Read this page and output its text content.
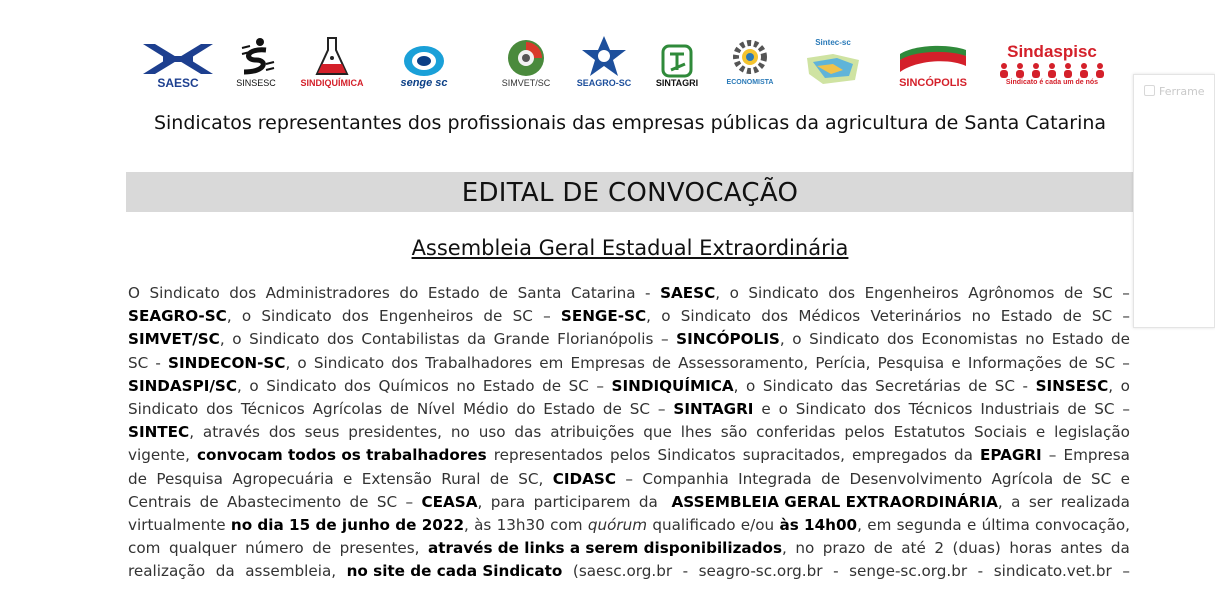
SAESC	SINSESC	SINDIQUÍMICA	senge sc	SIMVET/SC	SEAGRO-SC	SINTAGRI	ECONOMISTA
Sintec-sc
SINCÓPOLIS
Sindaspisc
Sindicato é cada um de nós
Sindicatos representantes dos profissionais das empresas públicas da agricultura de Santa Catarina
EDITAL DE CONVOCAÇÃO
Assembleia Geral Estadual Extraordinária
O Sindicato dos Administradores do Estado de Santa Catarina - SAESC, o Sindicato dos Engenheiros Agrônomos de SC –
SEAGRO-SC, o Sindicato dos Engenheiros de SC – SENGE-SC, o Sindicato dos Médicos Veterinários no Estado de SC –
SIMVET/SC, o Sindicato dos Contabilistas da Grande Florianópolis – SINCÓPOLIS, o Sindicato dos Economistas no Estado de
SC - SINDECON-SC, o Sindicato dos Trabalhadores em Empresas de Assessoramento, Perícia, Pesquisa e Informações de SC –
SINDASPI/SC, o Sindicato dos Químicos no Estado de SC – SINDIQUÍMICA, o Sindicato das Secretárias de SC - SINSESC, o
Sindicato dos Técnicos Agrícolas de Nível Médio do Estado de SC – SINTAGRI e o Sindicato dos Técnicos Industriais de SC –
SINTEC, através dos seus presidentes, no uso das atribuições que lhes são conferidas pelos Estatutos Sociais e legislação
vigente, convocam todos os trabalhadores representados pelos Sindicatos supracitados, empregados da EPAGRI – Empresa
de Pesquisa Agropecuária e Extensão Rural de SC, CIDASC – Companhia Integrada de Desenvolvimento Agrícola de SC e
Centrais de Abastecimento de SC – CEASA, para participarem da ASSEMBLEIA GERAL EXTRAORDINÁRIA, a ser realizada
virtualmente no dia 15 de junho de 2022, às 13h30 com quórum qualificado e/ou às 14h00, em segunda e última convocação,
com qualquer número de presentes, através de links a serem disponibilizados, no prazo de até 2 (duas) horas antes da
realização da assembleia, no site de cada Sindicato (saesc.org.br - seagro-sc.org.br - senge-sc.org.br - sindicato.vet.br –
Ferrame
